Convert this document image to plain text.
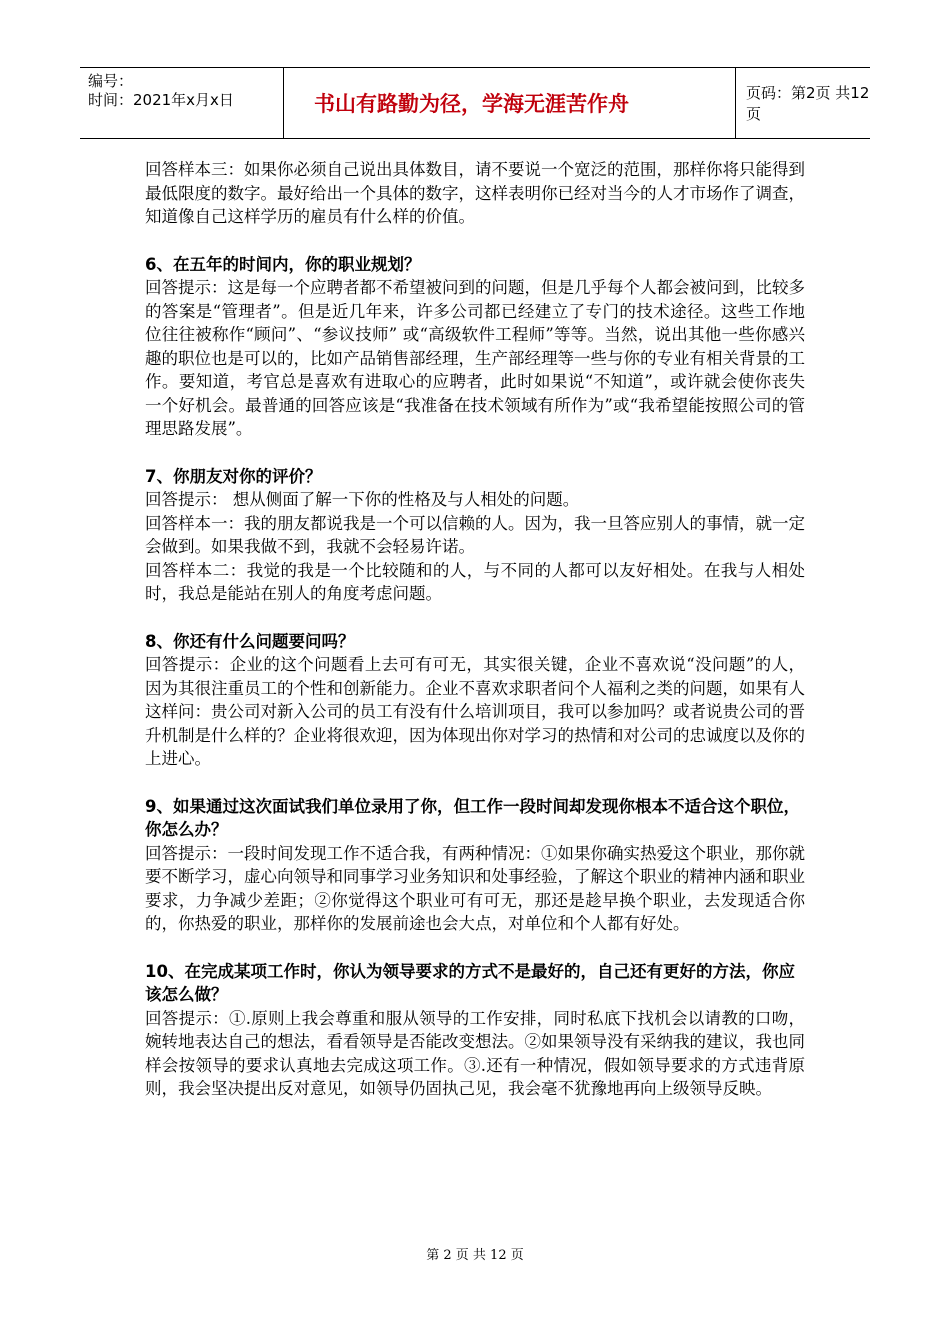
编号：
时间：2021年x月x日	书山有路勤为径，学海无涯苦作舟	页码：第2页 共12页

回答样本三：如果你必须自己说出具体数目，请不要说一个宽泛的范围，那样你将只能得到最低限度的数字。最好给出一个具体的数字，这样表明你已经对当今的人才市场作了调查，知道像自己这样学历的雇员有什么样的价值。

6、在五年的时间内，你的职业规划？

回答提示：这是每一个应聘者都不希望被问到的问题，但是几乎每个人都会被问到，比较多的答案是“管理者”。但是近几年来，许多公司都已经建立了专门的技术途径。这些工作地位往往被称作“顾问”、“参议技师” 或“高级软件工程师”等等。当然，说出其他一些你感兴趣的职位也是可以的，比如产品销售部经理，生产部经理等一些与你的专业有相关背景的工作。要知道，考官总是喜欢有进取心的应聘者，此时如果说“不知道”，或许就会使你丧失一个好机会。最普通的回答应该是“我准备在技术领域有所作为”或“我希望能按照公司的管理思路发展”。

7、你朋友对你的评价？

回答提示： 想从侧面了解一下你的性格及与人相处的问题。

回答样本一：我的朋友都说我是一个可以信赖的人。因为，我一旦答应别人的事情，就一定会做到。如果我做不到，我就不会轻易许诺。

回答样本二：我觉的我是一个比较随和的人，与不同的人都可以友好相处。在我与人相处时，我总是能站在别人的角度考虑问题。

8、你还有什么问题要问吗？

回答提示：企业的这个问题看上去可有可无，其实很关键，企业不喜欢说“没问题”的人，因为其很注重员工的个性和创新能力。企业不喜欢求职者问个人福利之类的问题，如果有人这样问：贵公司对新入公司的员工有没有什么培训项目，我可以参加吗？或者说贵公司的晋升机制是什么样的？企业将很欢迎，因为体现出你对学习的热情和对公司的忠诚度以及你的上进心。

9、如果通过这次面试我们单位录用了你，但工作一段时间却发现你根本不适合这个职位，你怎么办？

回答提示：一段时间发现工作不适合我，有两种情况：①如果你确实热爱这个职业，那你就要不断学习，虚心向领导和同事学习业务知识和处事经验，了解这个职业的精神内涵和职业要求，力争减少差距；②你觉得这个职业可有可无，那还是趁早换个职业，去发现适合你的，你热爱的职业，那样你的发展前途也会大点，对单位和个人都有好处。

10、在完成某项工作时，你认为领导要求的方式不是最好的，自己还有更好的方法，你应该怎么做？

回答提示：①.原则上我会尊重和服从领导的工作安排，同时私底下找机会以请教的口吻，婉转地表达自己的想法，看看领导是否能改变想法。②如果领导没有采纳我的建议，我也同样会按领导的要求认真地去完成这项工作。③.还有一种情况，假如领导要求的方式违背原则，我会坚决提出反对意见，如领导仍固执己见，我会毫不犹豫地再向上级领导反映。

第 2 页 共 12 页
